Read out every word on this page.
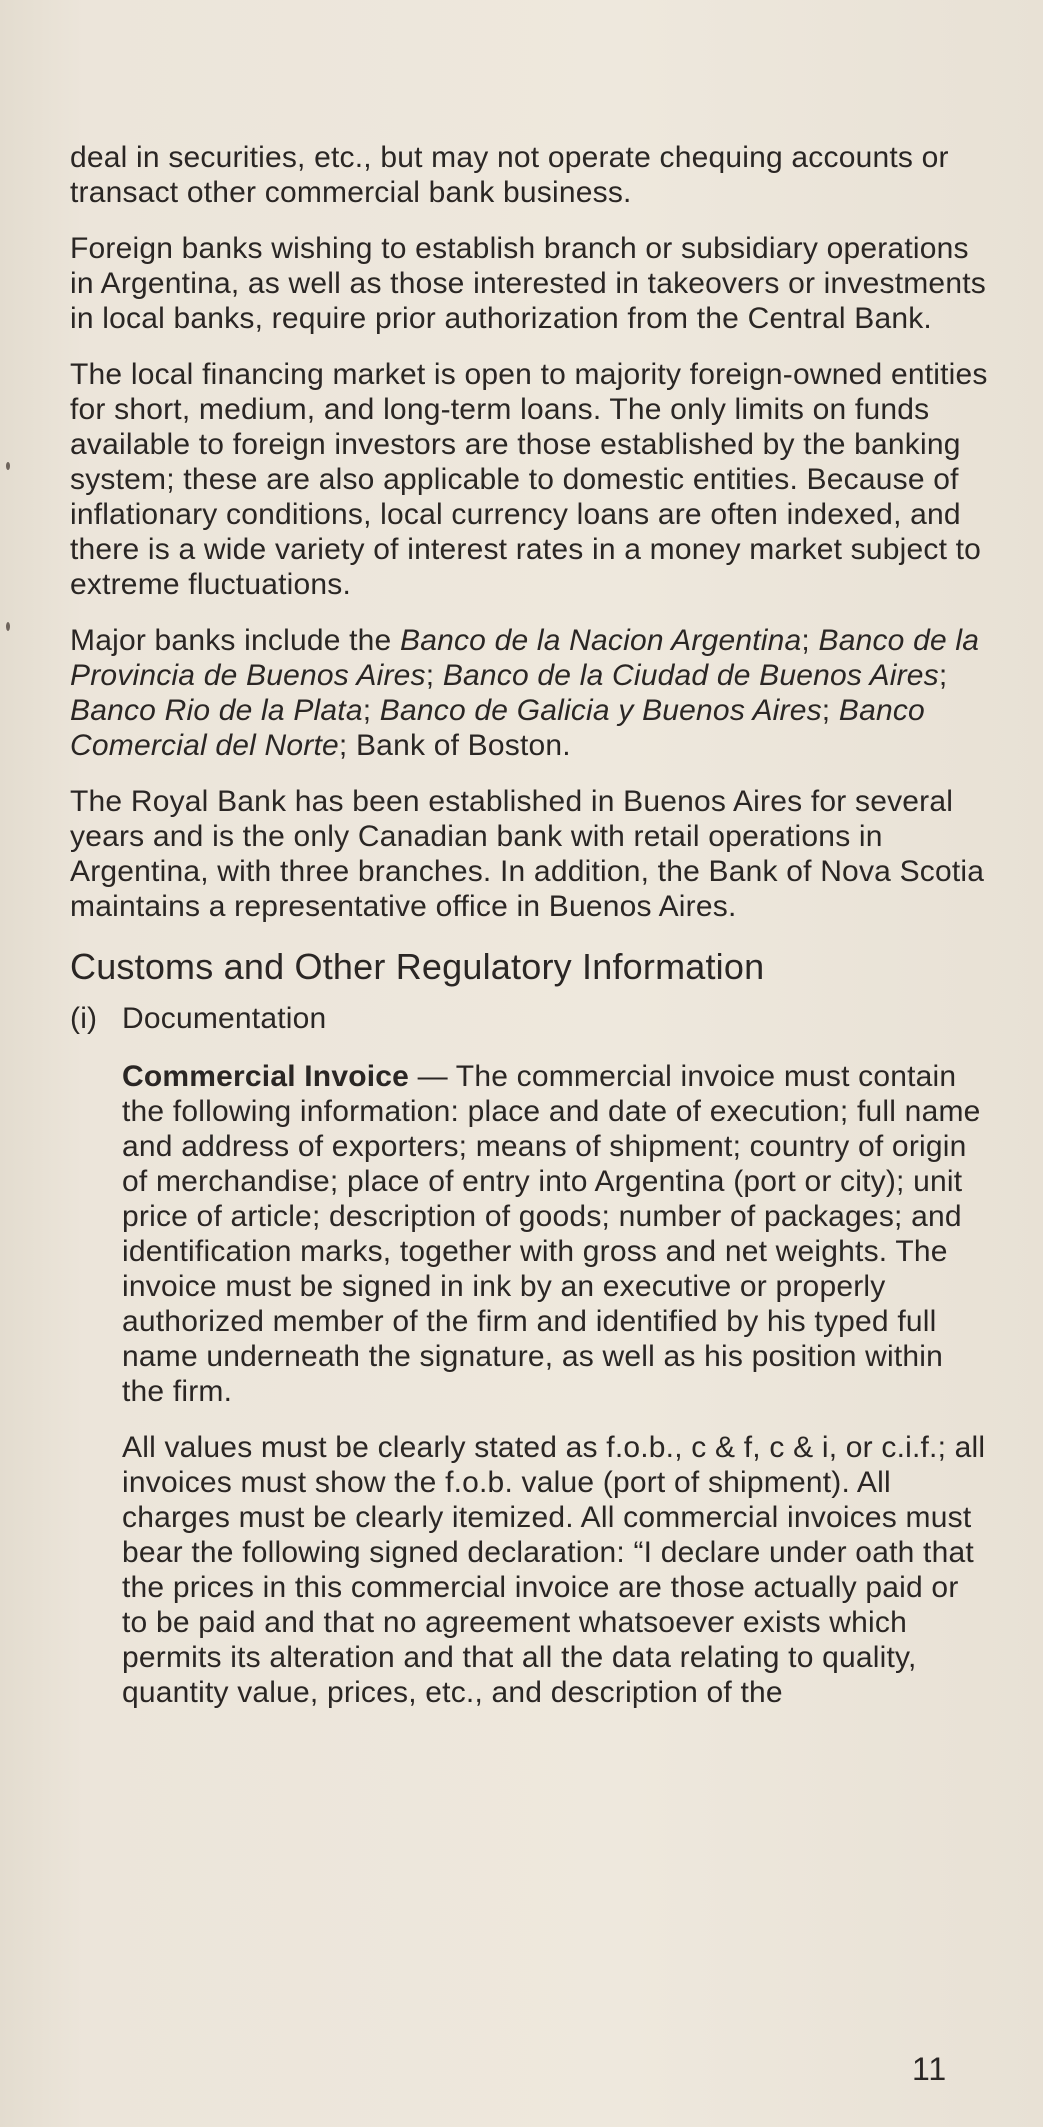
deal in securities, etc., but may not operate chequing accounts or transact other commercial bank business.

Foreign banks wishing to establish branch or subsidiary operations in Argentina, as well as those interested in takeovers or investments in local banks, require prior authorization from the Central Bank.

The local financing market is open to majority foreign-owned entities for short, medium, and long-term loans. The only limits on funds available to foreign investors are those established by the banking system; these are also applicable to domestic entities. Because of inflationary conditions, local currency loans are often indexed, and there is a wide variety of interest rates in a money market subject to extreme fluctuations.

Major banks include the Banco de la Nacion Argentina; Banco de la Provincia de Buenos Aires; Banco de la Ciudad de Buenos Aires; Banco Rio de la Plata; Banco de Galicia y Buenos Aires; Banco Comercial del Norte; Bank of Boston.

The Royal Bank has been established in Buenos Aires for several years and is the only Canadian bank with retail operations in Argentina, with three branches. In addition, the Bank of Nova Scotia maintains a representative office in Buenos Aires.

Customs and Other Regulatory Information

(i) Documentation

Commercial Invoice — The commercial invoice must contain the following information: place and date of execution; full name and address of exporters; means of shipment; country of origin of merchandise; place of entry into Argentina (port or city); unit price of article; description of goods; number of packages; and identification marks, together with gross and net weights. The invoice must be signed in ink by an executive or properly authorized member of the firm and identified by his typed full name underneath the signature, as well as his position within the firm.

All values must be clearly stated as f.o.b., c & f, c & i, or c.i.f.; all invoices must show the f.o.b. value (port of shipment). All charges must be clearly itemized. All commercial invoices must bear the following signed declaration: “I declare under oath that the prices in this commercial invoice are those actually paid or to be paid and that no agreement whatsoever exists which permits its alteration and that all the data relating to quality, quantity value, prices, etc., and description of the

11
